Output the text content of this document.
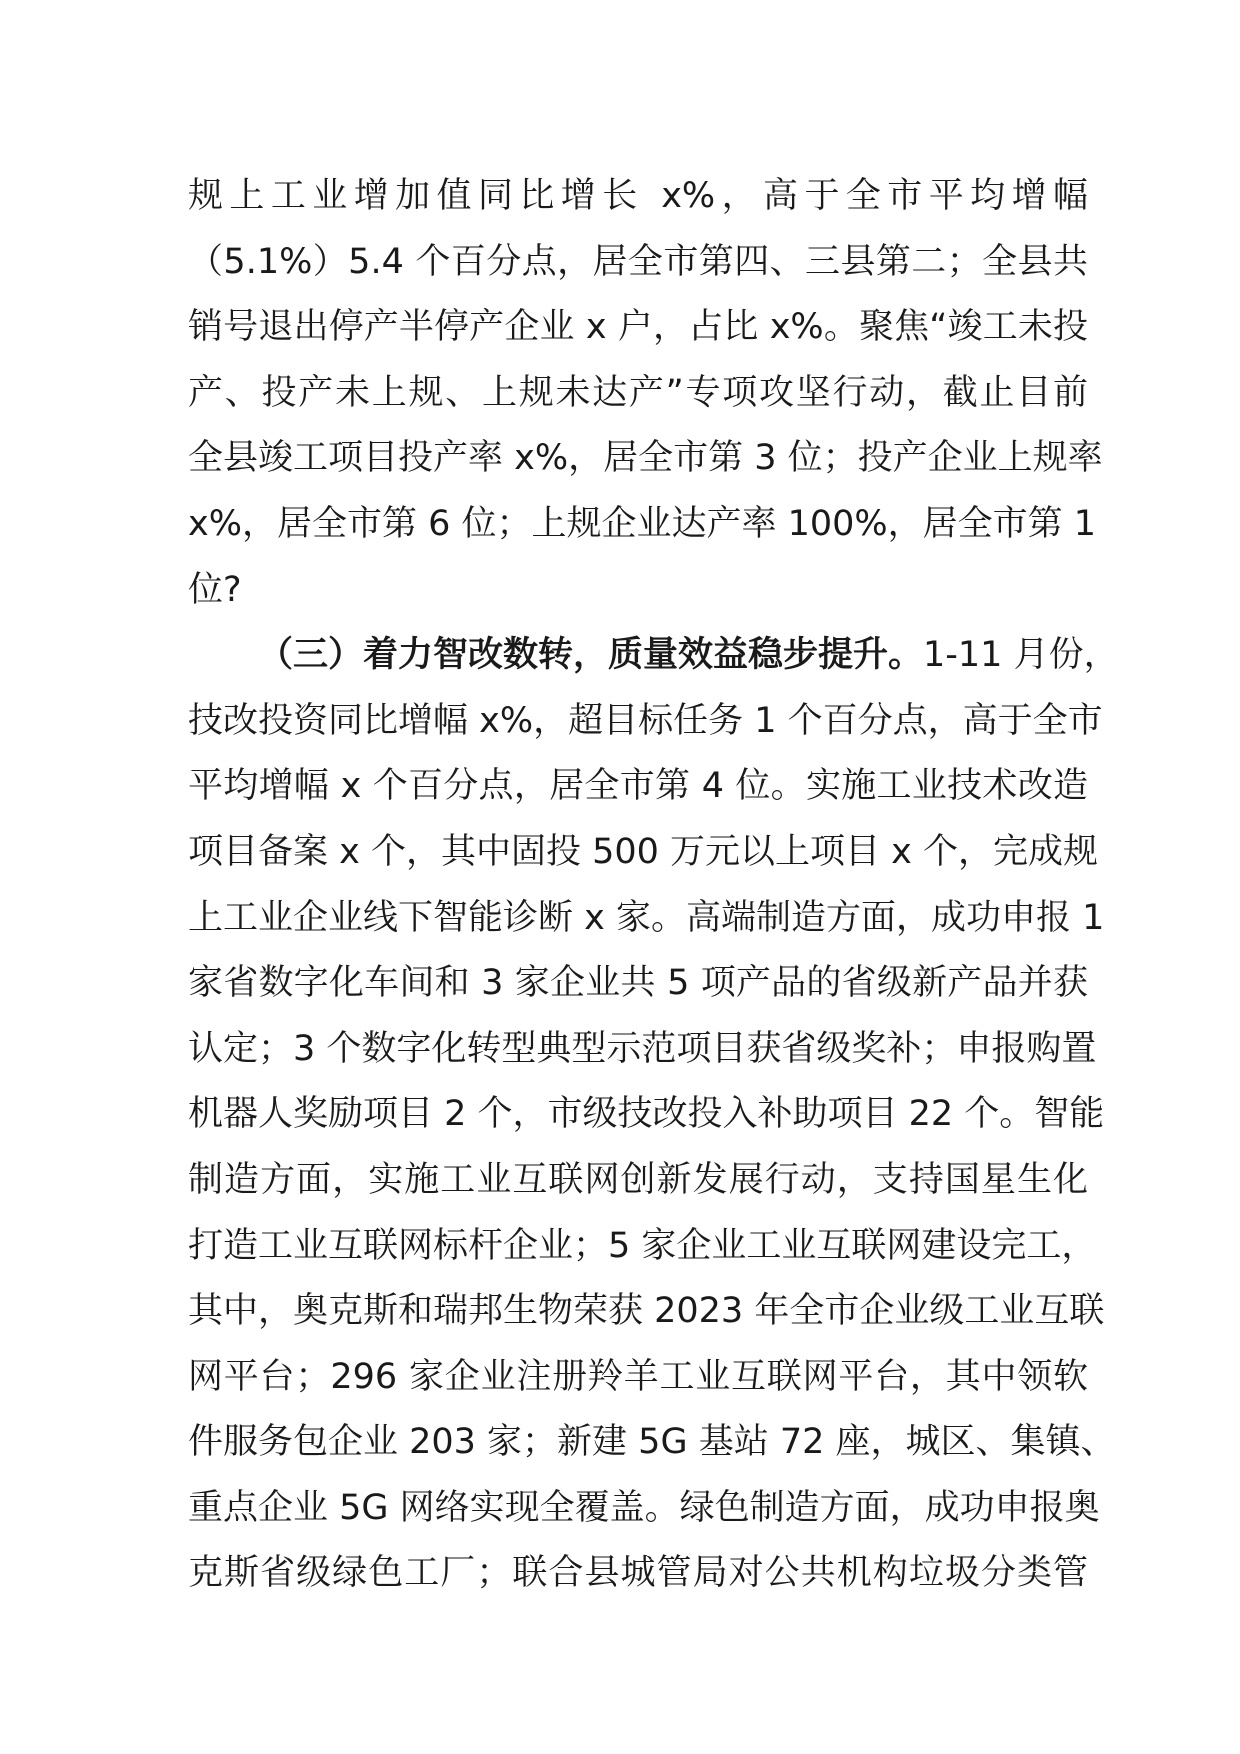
规上工业增加值同比增长 x%，高于全市平均增幅
（5.1%）5.4 个百分点，居全市第四、三县第二；全县共
销号退出停产半停产企业 x 户，占比 x%。聚焦“竣工未投
产、投产未上规、上规未达产”专项攻坚行动，截止目前
全县竣工项目投产率 x%，居全市第 3 位；投产企业上规率
x%，居全市第 6 位；上规企业达产率 100%，居全市第 1
位?
（三）着力智改数转，质量效益稳步提升。1-11 月份，
技改投资同比增幅 x%，超目标任务 1 个百分点，高于全市
平均增幅 x 个百分点，居全市第 4 位。实施工业技术改造
项目备案 x 个，其中固投 500 万元以上项目 x 个，完成规
上工业企业线下智能诊断 x 家。高端制造方面，成功申报 1
家省数字化车间和 3 家企业共 5 项产品的省级新产品并获
认定；3 个数字化转型典型示范项目获省级奖补；申报购置
机器人奖励项目 2 个，市级技改投入补助项目 22 个。智能
制造方面，实施工业互联网创新发展行动，支持国星生化
打造工业互联网标杆企业；5 家企业工业互联网建设完工，
其中，奥克斯和瑞邦生物荣获 2023 年全市企业级工业互联
网平台；296 家企业注册羚羊工业互联网平台，其中领软
件服务包企业 203 家；新建 5G 基站 72 座，城区、集镇、
重点企业 5G 网络实现全覆盖。绿色制造方面，成功申报奥
克斯省级绿色工厂；联合县城管局对公共机构垃圾分类管
